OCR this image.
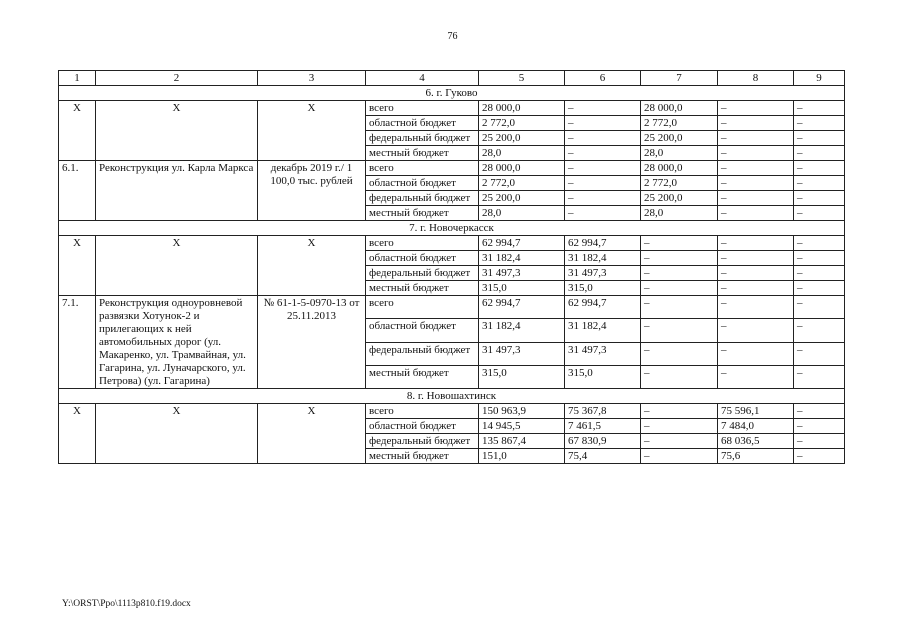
76
1	2	3	4	5	6	7	8	9
6. г. Гуково								
Х	Х	Х	всего	28 000,0	–	28 000,0	–	–
			областной бюджет	2 772,0	–	2 772,0	–	–
			федеральный бюджет	25 200,0	–	25 200,0	–	–
			местный бюджет	28,0	–	28,0	–	–
6.1.	Реконструкция ул. Карла Маркса	декабрь 2019 г./ 1 100,0 тыс. рублей	всего	28 000,0	–	28 000,0	–	–
			областной бюджет	2 772,0	–	2 772,0	–	–
			федеральный бюджет	25 200,0	–	25 200,0	–	–
			местный бюджет	28,0	–	28,0	–	–
7. г. Новочеркасск								
Х	Х	Х	всего	62 994,7	62 994,7	–	–	–
			областной бюджет	31 182,4	31 182,4	–	–	–
			федеральный бюджет	31 497,3	31 497,3	–	–	–
			местный бюджет	315,0	315,0	–	–	–
7.1.	Реконструкция одноуровневой развязки Хотунок-2 и прилегающих к ней автомобильных дорог (ул. Макаренко, ул. Трамвайная, ул. Гагарина, ул. Луначарского, ул. Петрова) (ул. Гагарина)	№ 61-1-5-0970-13 от 25.11.2013	всего	62 994,7	62 994,7	–	–	–
			областной бюджет	31 182,4	31 182,4	–	–	–
			федеральный бюджет	31 497,3	31 497,3	–	–	–
			местный бюджет	315,0	315,0	–	–	–
8. г. Новошахтинск								
Х	Х	Х	всего	150 963,9	75 367,8	–	75 596,1	–
			областной бюджет	14 945,5	7 461,5	–	7 484,0	–
			федеральный бюджет	135 867,4	67 830,9	–	68 036,5	–
			местный бюджет	151,0	75,4	–	75,6	–
Y:\ORST\Ppo\1113p810.f19.docx
